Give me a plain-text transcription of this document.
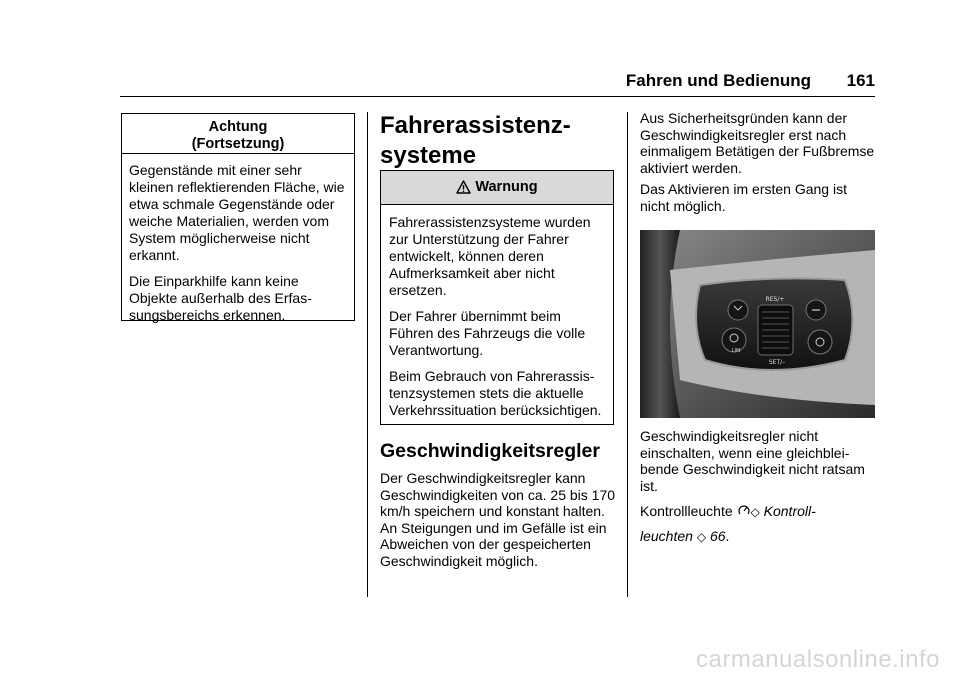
Fahren und Bedienung 161
Achtung
(Fortsetzung)

Gegenstände mit einer sehr kleinen reflektierenden Fläche, wie etwa schmale Gegenstände oder weiche Materialien, werden vom System möglicherweise nicht erkannt.

Die Einparkhilfe kann keine Objekte außerhalb des Erfas-sungsbereichs erkennen.

Fahrerassistenz-
systeme
Warnung

Fahrerassistenzsysteme wurden zur Unterstützung der Fahrer entwickelt, können deren Aufmerksamkeit aber nicht ersetzen.

Der Fahrer übernimmt beim Führen des Fahrzeugs die volle Verantwortung.

Beim Gebrauch von Fahrerassis-tenzsystemen stets die aktuelle Verkehrssituation berücksichtigen.

Geschwindigkeitsregler

Der Geschwindigkeitsregler kann Geschwindigkeiten von ca. 25 bis 170 km/h speichern und konstant halten. An Steigungen und im Gefälle ist ein Abweichen von der gespeicherten Geschwindigkeit möglich.

Aus Sicherheitsgründen kann der Geschwindigkeitsregler erst nach einmaligem Betätigen der Fußbremse aktiviert werden.

Das Aktivieren im ersten Gang ist nicht möglich.

RES/+
SET/–
LIM

Geschwindigkeitsregler nicht einschalten, wenn eine gleichblei-bende Geschwindigkeit nicht ratsam ist.

Kontrollleuchte ◇ Kontroll-
leuchten ◇ 66.
carmanualsonline.info
